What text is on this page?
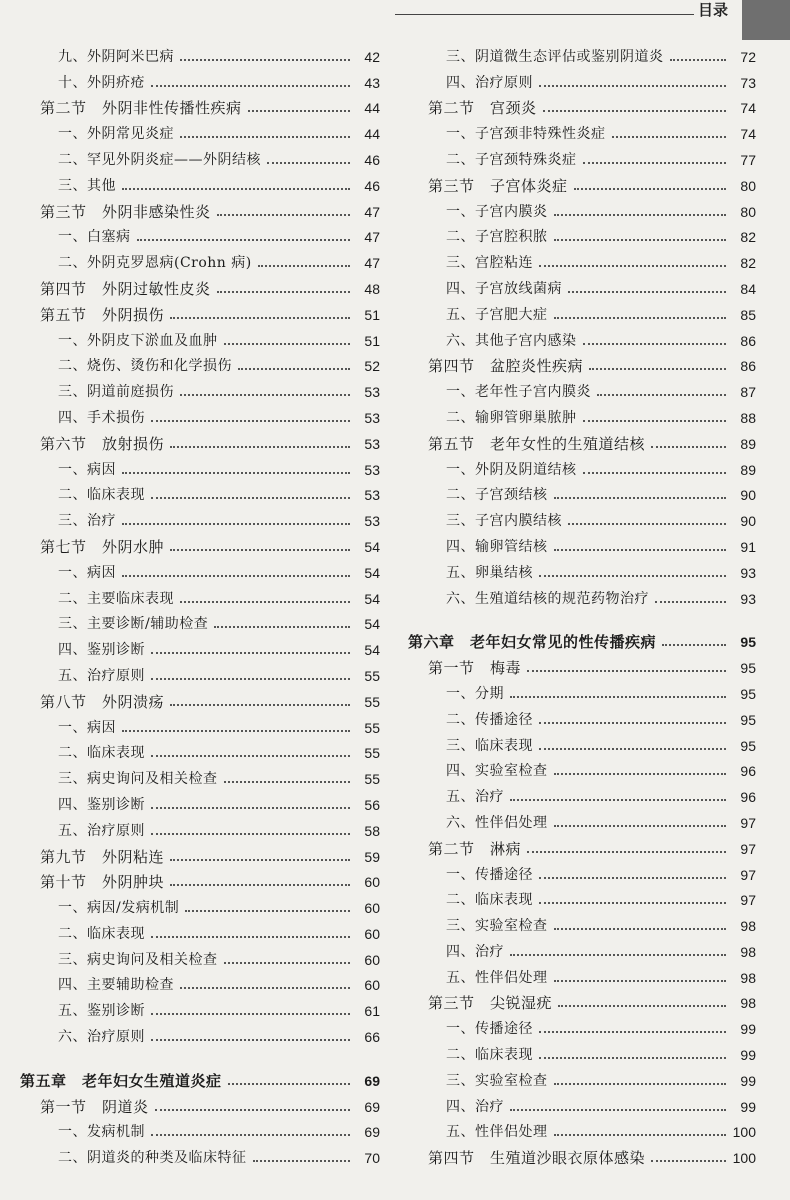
目录
九、外阴阿米巴病	42
十、外阴疥疮	43
第二节　外阴非性传播性疾病	44
一、外阴常见炎症	44
二、罕见外阴炎症——外阴结核	46
三、其他	46
第三节　外阴非感染性炎	47
一、白塞病	47
二、外阴克罗恩病(Crohn 病)	47
第四节　外阴过敏性皮炎	48
第五节　外阴损伤	51
一、外阴皮下淤血及血肿	51
二、烧伤、烫伤和化学损伤	52
三、阴道前庭损伤	53
四、手术损伤	53
第六节　放射损伤	53
一、病因	53
二、临床表现	53
三、治疗	53
第七节　外阴水肿	54
一、病因	54
二、主要临床表现	54
三、主要诊断/辅助检查	54
四、鉴别诊断	54
五、治疗原则	55
第八节　外阴溃疡	55
一、病因	55
二、临床表现	55
三、病史询问及相关检查	55
四、鉴别诊断	56
五、治疗原则	58
第九节　外阴粘连	59
第十节　外阴肿块	60
一、病因/发病机制	60
二、临床表现	60
三、病史询问及相关检查	60
四、主要辅助检查	60
五、鉴别诊断	61
六、治疗原则	66
第五章　老年妇女生殖道炎症	69
第一节　阴道炎	69
一、发病机制	69
二、阴道炎的种类及临床特征	70
三、阴道微生态评估或鉴别阴道炎	72
四、治疗原则	73
第二节　宫颈炎	74
一、子宫颈非特殊性炎症	74
二、子宫颈特殊炎症	77
第三节　子宫体炎症	80
一、子宫内膜炎	80
二、子宫腔积脓	82
三、宫腔粘连	82
四、子宫放线菌病	84
五、子宫肥大症	85
六、其他子宫内感染	86
第四节　盆腔炎性疾病	86
一、老年性子宫内膜炎	87
二、输卵管卵巢脓肿	88
第五节　老年女性的生殖道结核	89
一、外阴及阴道结核	89
二、子宫颈结核	90
三、子宫内膜结核	90
四、输卵管结核	91
五、卵巢结核	93
六、生殖道结核的规范药物治疗	93
第六章　老年妇女常见的性传播疾病	95
第一节　梅毒	95
一、分期	95
二、传播途径	95
三、临床表现	95
四、实验室检查	96
五、治疗	96
六、性伴侣处理	97
第二节　淋病	97
一、传播途径	97
二、临床表现	97
三、实验室检查	98
四、治疗	98
五、性伴侣处理	98
第三节　尖锐湿疣	98
一、传播途径	99
二、临床表现	99
三、实验室检查	99
四、治疗	99
五、性伴侣处理	100
第四节　生殖道沙眼衣原体感染	100
